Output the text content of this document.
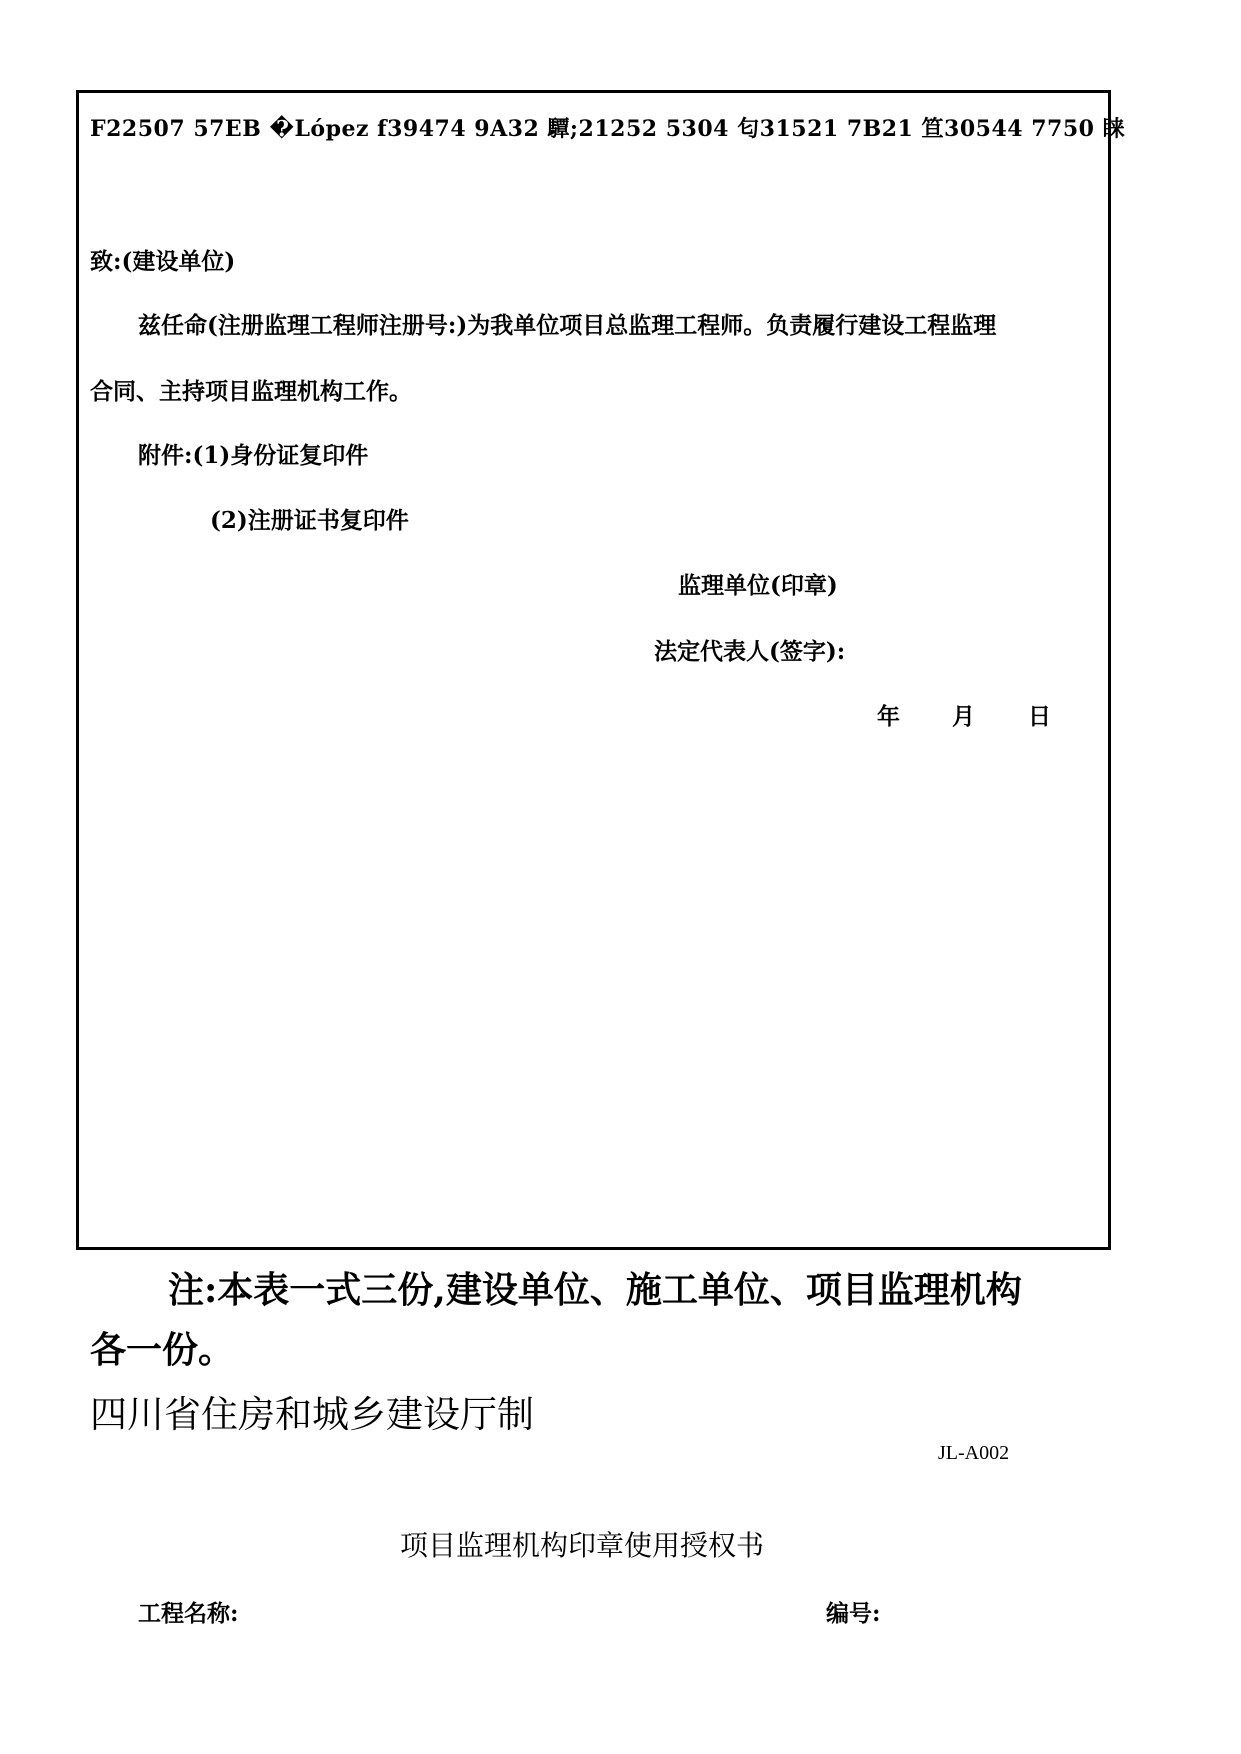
F22507 57EB �López f39474 9A32 驔;21252 5304 匂31521 7B21 笪30544 7750 睐
致:(建设单位)
兹任命(注册监理工程师注册号:)为我单位项目总监理工程师。负责履行建设工程监理
合同、主持项目监理机构工作。
附件:(1)身份证复印件
(2)注册证书复印件
监理单位(印章)
法定代表人(签字):
年 月 日
注:本表一式三份,建设单位、施工单位、项目监理机构
各一份。
四川省住房和城乡建设厅制
JL-A002
项目监理机构印章使用授权书
工程名称:	编号:
